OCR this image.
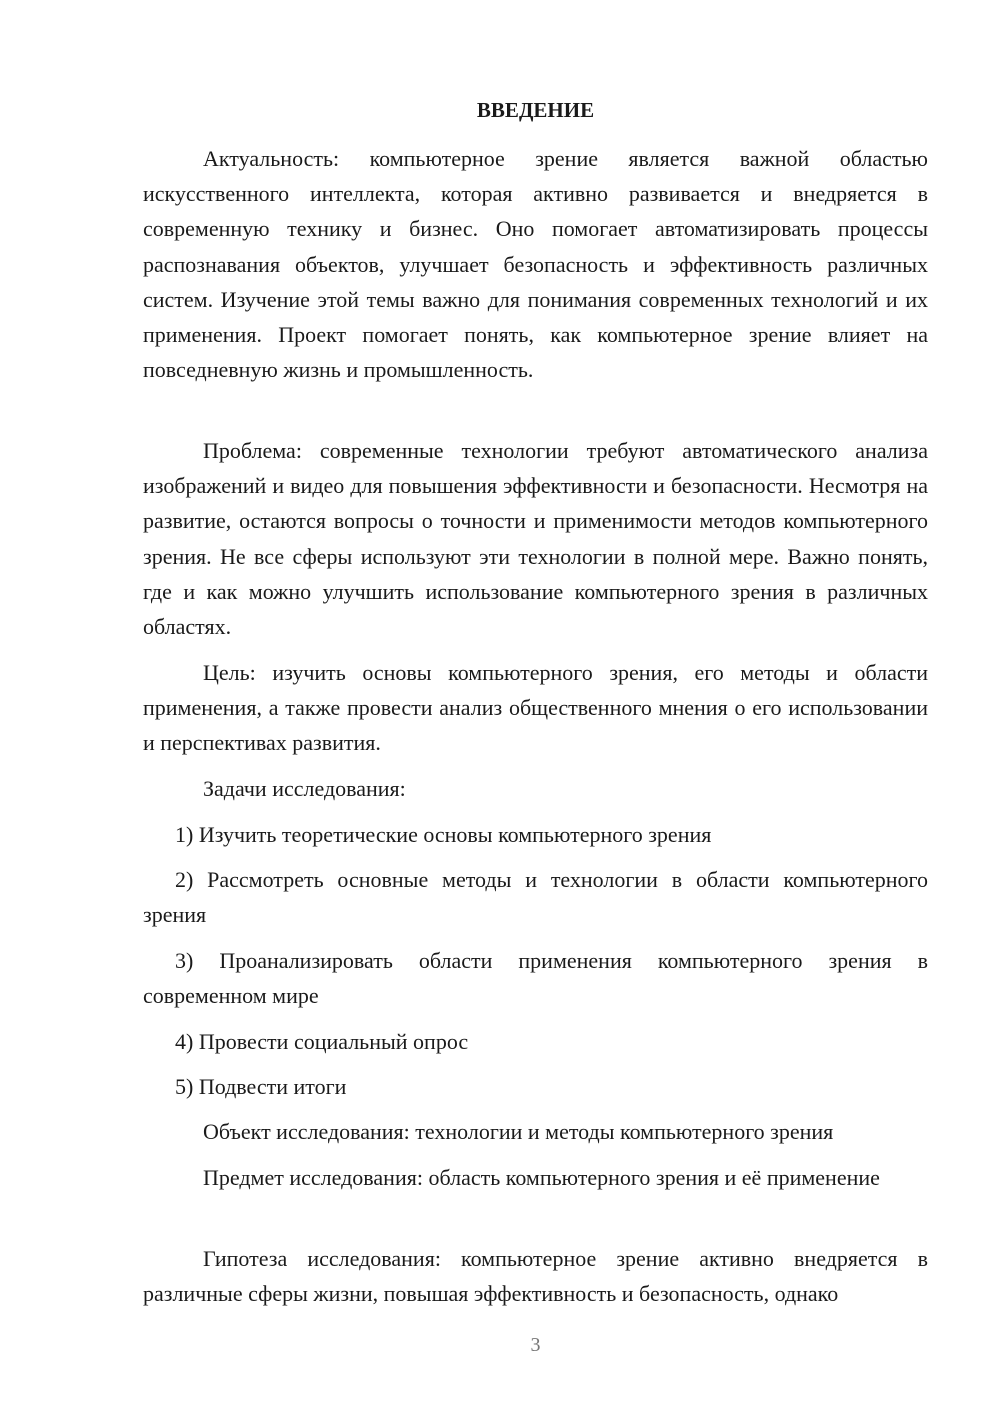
ВВЕДЕНИЕ

Актуальность: компьютерное зрение является важной областью искусственного интеллекта, которая активно развивается и внедряется в современную технику и бизнес. Оно помогает автоматизировать процессы распознавания объектов, улучшает безопасность и эффективность различных систем. Изучение этой темы важно для понимания современных технологий и их применения. Проект помогает понять, как компьютерное зрение влияет на повседневную жизнь и промышленность.

Проблема: современные технологии требуют автоматического анализа изображений и видео для повышения эффективности и безопасности. Несмотря на развитие, остаются вопросы о точности и применимости методов компьютерного зрения. Не все сферы используют эти технологии в полной мере. Важно понять, где и как можно улучшить использование компьютерного зрения в различных областях.

Цель: изучить основы компьютерного зрения, его методы и области применения, а также провести анализ общественного мнения о его использовании и перспективах развития.

Задачи исследования:

1) Изучить теоретические основы компьютерного зрения

2) Рассмотреть основные методы и технологии в области компьютерного зрения

3) Проанализировать области применения компьютерного зрения в современном мире

4) Провести социальный опрос

5) Подвести итоги

Объект исследования: технологии и методы компьютерного зрения

Предмет исследования: область компьютерного зрения и её применение

Гипотеза исследования: компьютерное зрение активно внедряется в различные сферы жизни, повышая эффективность и безопасность, однако

3
